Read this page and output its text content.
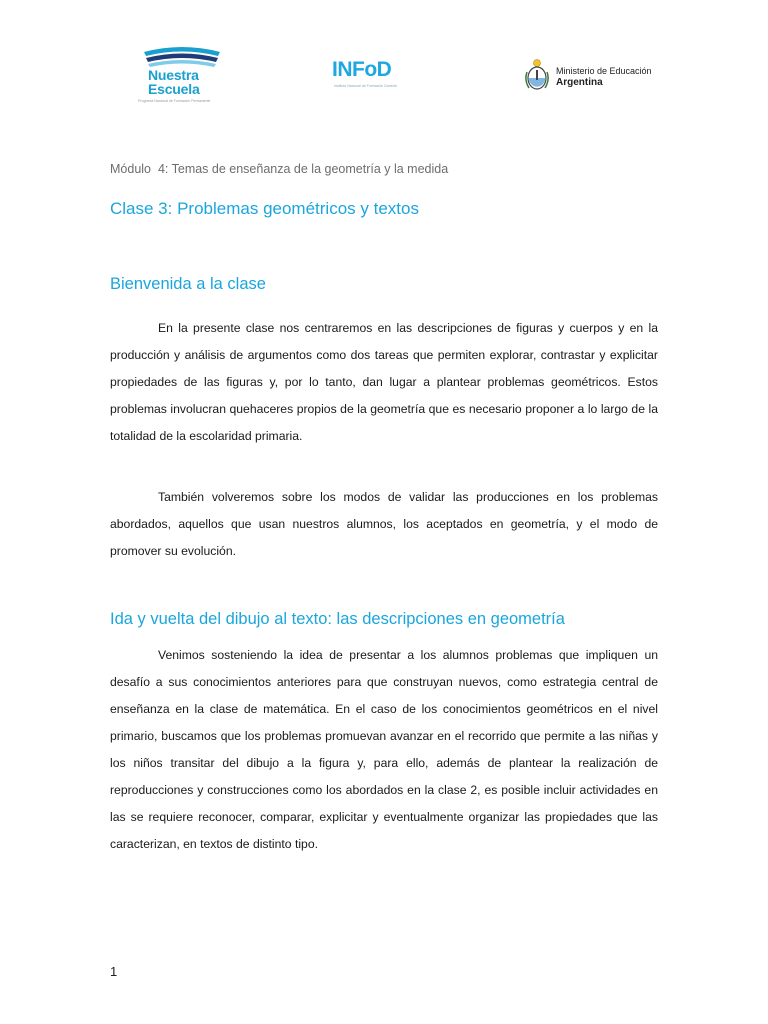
Nuestra
Escuela
Programa Nacional de Formación Permanente
INFoD
Instituto Nacional de Formación Docente
Ministerio de Educación
Argentina
Módulo  4: Temas de enseñanza de la geometría y la medida
Clase 3: Problemas geométricos y textos
Bienvenida a la clase

En la presente clase nos centraremos en las descripciones de figuras y cuerpos y en la producción y análisis de argumentos como dos tareas que permiten explorar, contrastar y explicitar propiedades de las figuras y, por lo tanto, dan lugar a plantear problemas geométricos. Estos problemas involucran quehaceres propios de la geometría que es necesario proponer a lo largo de la totalidad de la escolaridad primaria.

También volveremos sobre los modos de validar las producciones en los problemas abordados, aquellos que usan nuestros alumnos, los aceptados en geometría, y el modo de promover su evolución.

Ida y vuelta del dibujo al texto: las descripciones en geometría

Venimos sosteniendo la idea de presentar a los alumnos problemas que impliquen un desafío a sus conocimientos anteriores para que construyan nuevos, como estrategia central de enseñanza en la clase de matemática. En el caso de los conocimientos geométricos en el nivel primario, buscamos que los problemas promuevan avanzar en el recorrido que permite a las niñas y los niños transitar del dibujo a la figura y, para ello, además de plantear la realización de reproducciones y construcciones como los abordados en la clase 2, es posible incluir actividades en las se requiere reconocer, comparar, explicitar y eventualmente organizar las propiedades que las caracterizan, en textos de distinto tipo.

1
